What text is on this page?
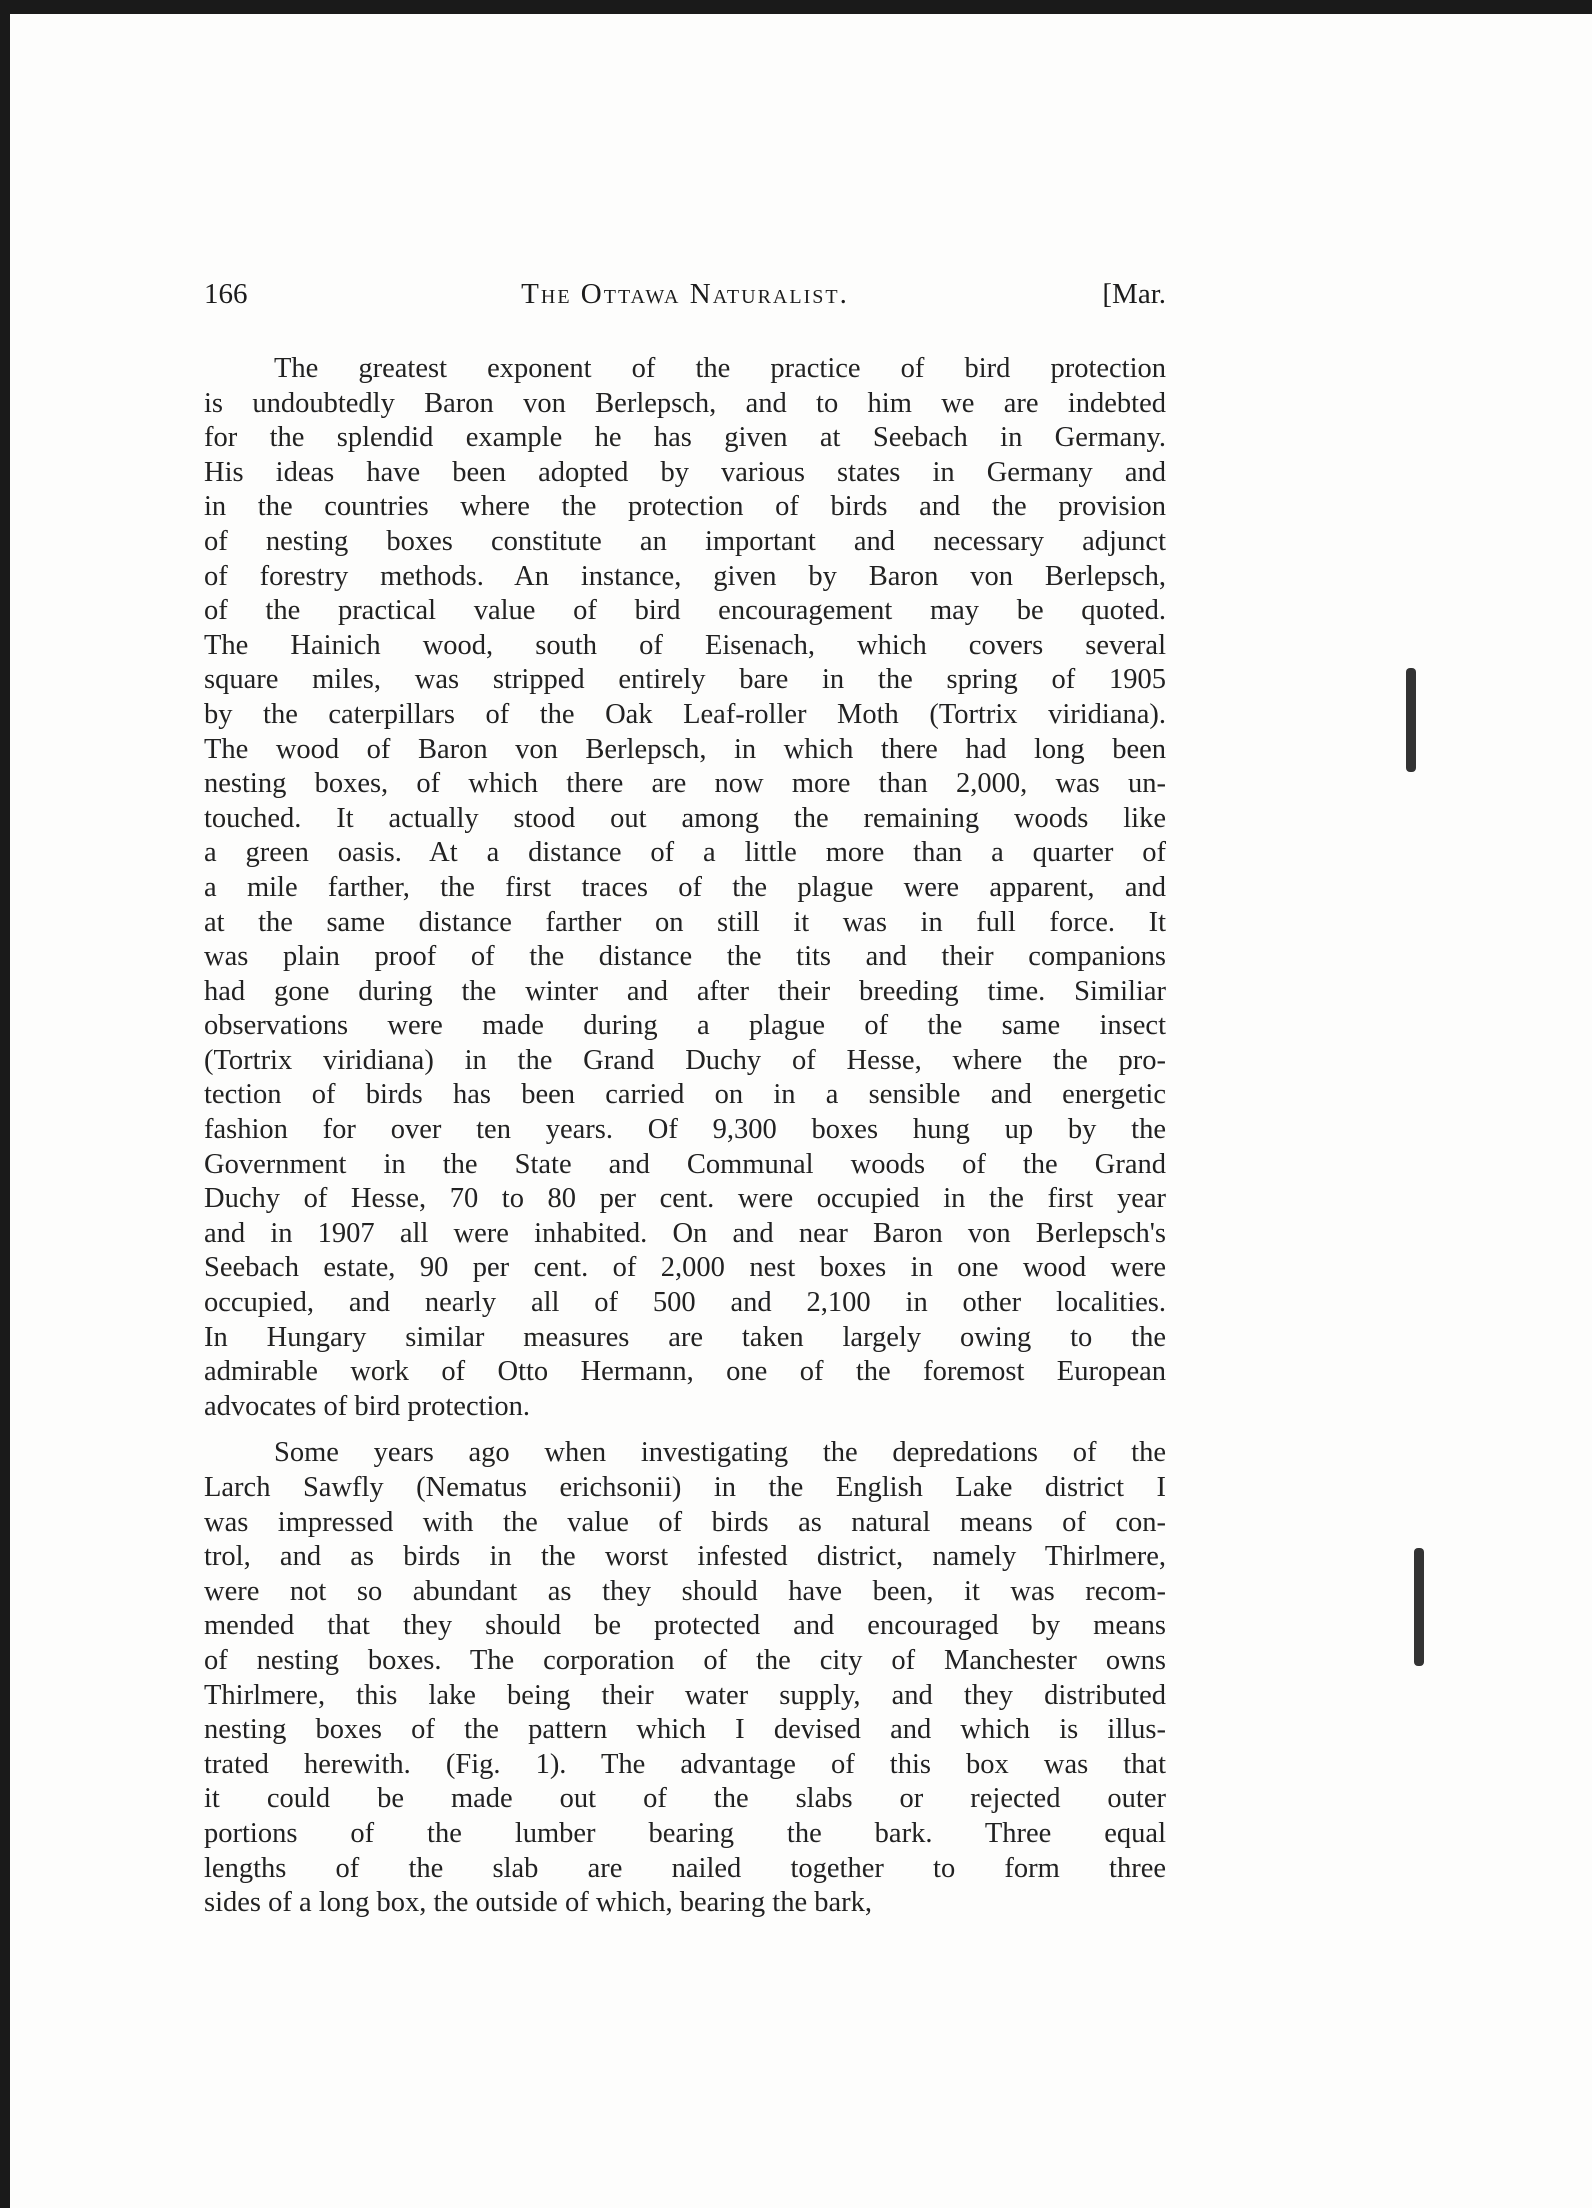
166	The Ottawa Naturalist.	[Mar.
The greatest exponent of the practice of bird protection
is undoubtedly Baron von Berlepsch, and to him we are indebted
for the splendid example he has given at Seebach in Germany.
His ideas have been adopted by various states in Germany and
in the countries where the protection of birds and the provision
of nesting boxes constitute an important and necessary adjunct
of forestry methods. An instance, given by Baron von Berlepsch,
of the practical value of bird encouragement may be quoted.
The Hainich wood, south of Eisenach, which covers several
square miles, was stripped entirely bare in the spring of 1905
by the caterpillars of the Oak Leaf-roller Moth (Tortrix viridiana).
The wood of Baron von Berlepsch, in which there had long been
nesting boxes, of which there are now more than 2,000, was un-
touched. It actually stood out among the remaining woods like
a green oasis. At a distance of a little more than a quarter of
a mile farther, the first traces of the plague were apparent, and
at the same distance farther on still it was in full force. It
was plain proof of the distance the tits and their companions
had gone during the winter and after their breeding time. Similiar
observations were made during a plague of the same insect
(Tortrix viridiana) in the Grand Duchy of Hesse, where the pro-
tection of birds has been carried on in a sensible and energetic
fashion for over ten years. Of 9,300 boxes hung up by the
Government in the State and Communal woods of the Grand
Duchy of Hesse, 70 to 80 per cent. were occupied in the first year
and in 1907 all were inhabited. On and near Baron von Berlepsch's
Seebach estate, 90 per cent. of 2,000 nest boxes in one wood were
occupied, and nearly all of 500 and 2,100 in other localities.
In Hungary similar measures are taken largely owing to the
admirable work of Otto Hermann, one of the foremost European
advocates of bird protection.
Some years ago when investigating the depredations of the
Larch Sawfly (Nematus erichsonii) in the English Lake district I
was impressed with the value of birds as natural means of con-
trol, and as birds in the worst infested district, namely Thirlmere,
were not so abundant as they should have been, it was recom-
mended that they should be protected and encouraged by means
of nesting boxes. The corporation of the city of Manchester owns
Thirlmere, this lake being their water supply, and they distributed
nesting boxes of the pattern which I devised and which is illus-
trated herewith. (Fig. 1). The advantage of this box was that
it could be made out of the slabs or rejected outer
portions of the lumber bearing the bark. Three equal
lengths of the slab are nailed together to form three
sides of a long box, the outside of which, bearing the bark,
